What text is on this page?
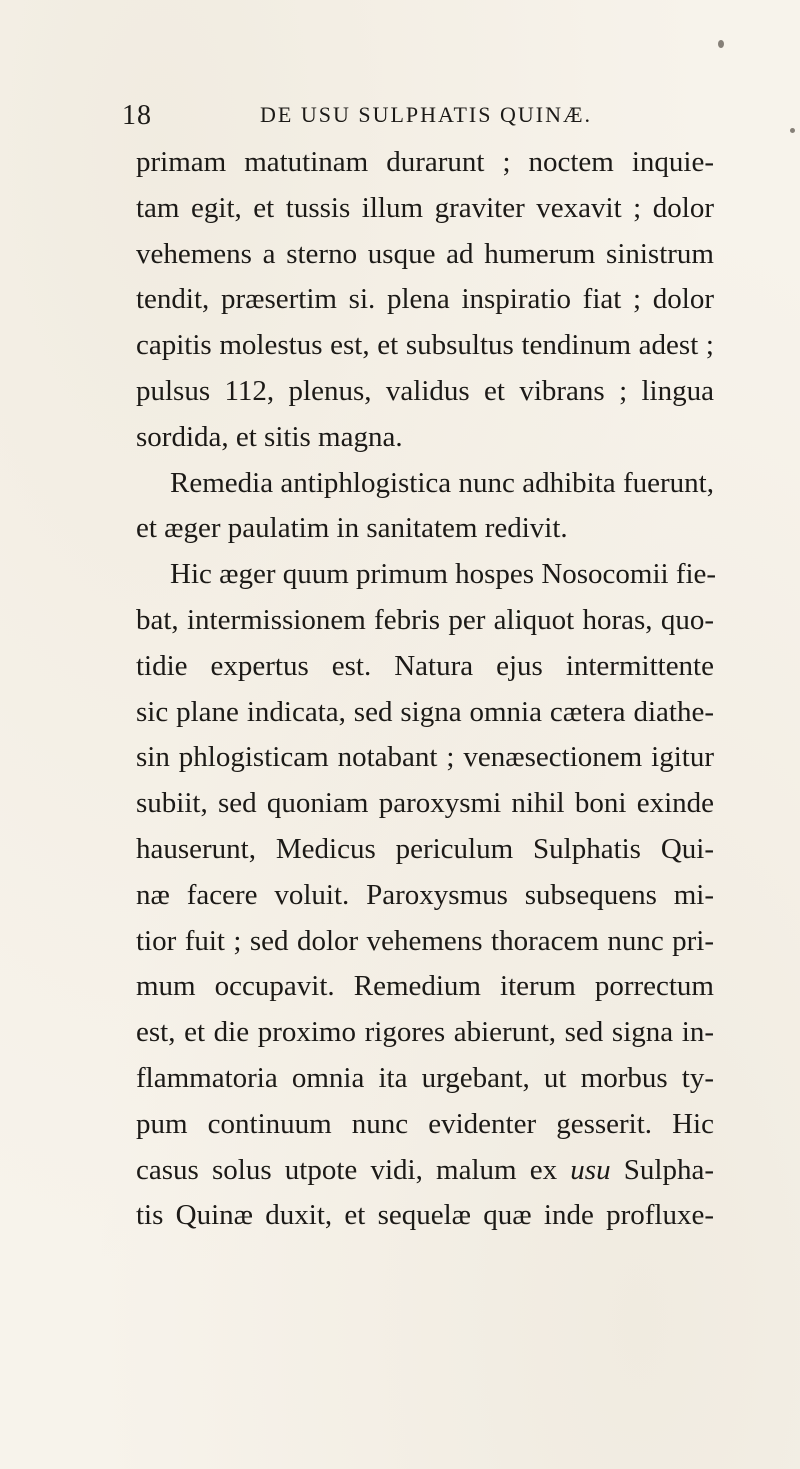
18	DE USU SULPHATIS QUINÆ.
primam matutinam durarunt ; noctem inquie-
tam egit, et tussis illum graviter vexavit ; dolor
vehemens a sterno usque ad humerum sinistrum
tendit, præsertim si. plena inspiratio fiat ; dolor
capitis molestus est, et subsultus tendinum adest ;
pulsus 112, plenus, validus et vibrans ; lingua
sordida, et sitis magna.
Remedia antiphlogistica nunc adhibita fuerunt,
et æger paulatim in sanitatem redivit.
Hic æger quum primum hospes Nosocomii fie-
bat, intermissionem febris per aliquot horas, quo-
tidie expertus est. Natura ejus intermittente
sic plane indicata, sed signa omnia cætera diathe-
sin phlogisticam notabant ; venæsectionem igitur
subiit, sed quoniam paroxysmi nihil boni exinde
hauserunt, Medicus periculum Sulphatis Qui-
næ facere voluit. Paroxysmus subsequens mi-
tior fuit ; sed dolor vehemens thoracem nunc pri-
mum occupavit. Remedium iterum porrectum
est, et die proximo rigores abierunt, sed signa in-
flammatoria omnia ita urgebant, ut morbus ty-
pum continuum nunc evidenter gesserit. Hic
casus solus utpote vidi, malum ex usu Sulpha-
tis Quinæ duxit, et sequelæ quæ inde profluxe-
